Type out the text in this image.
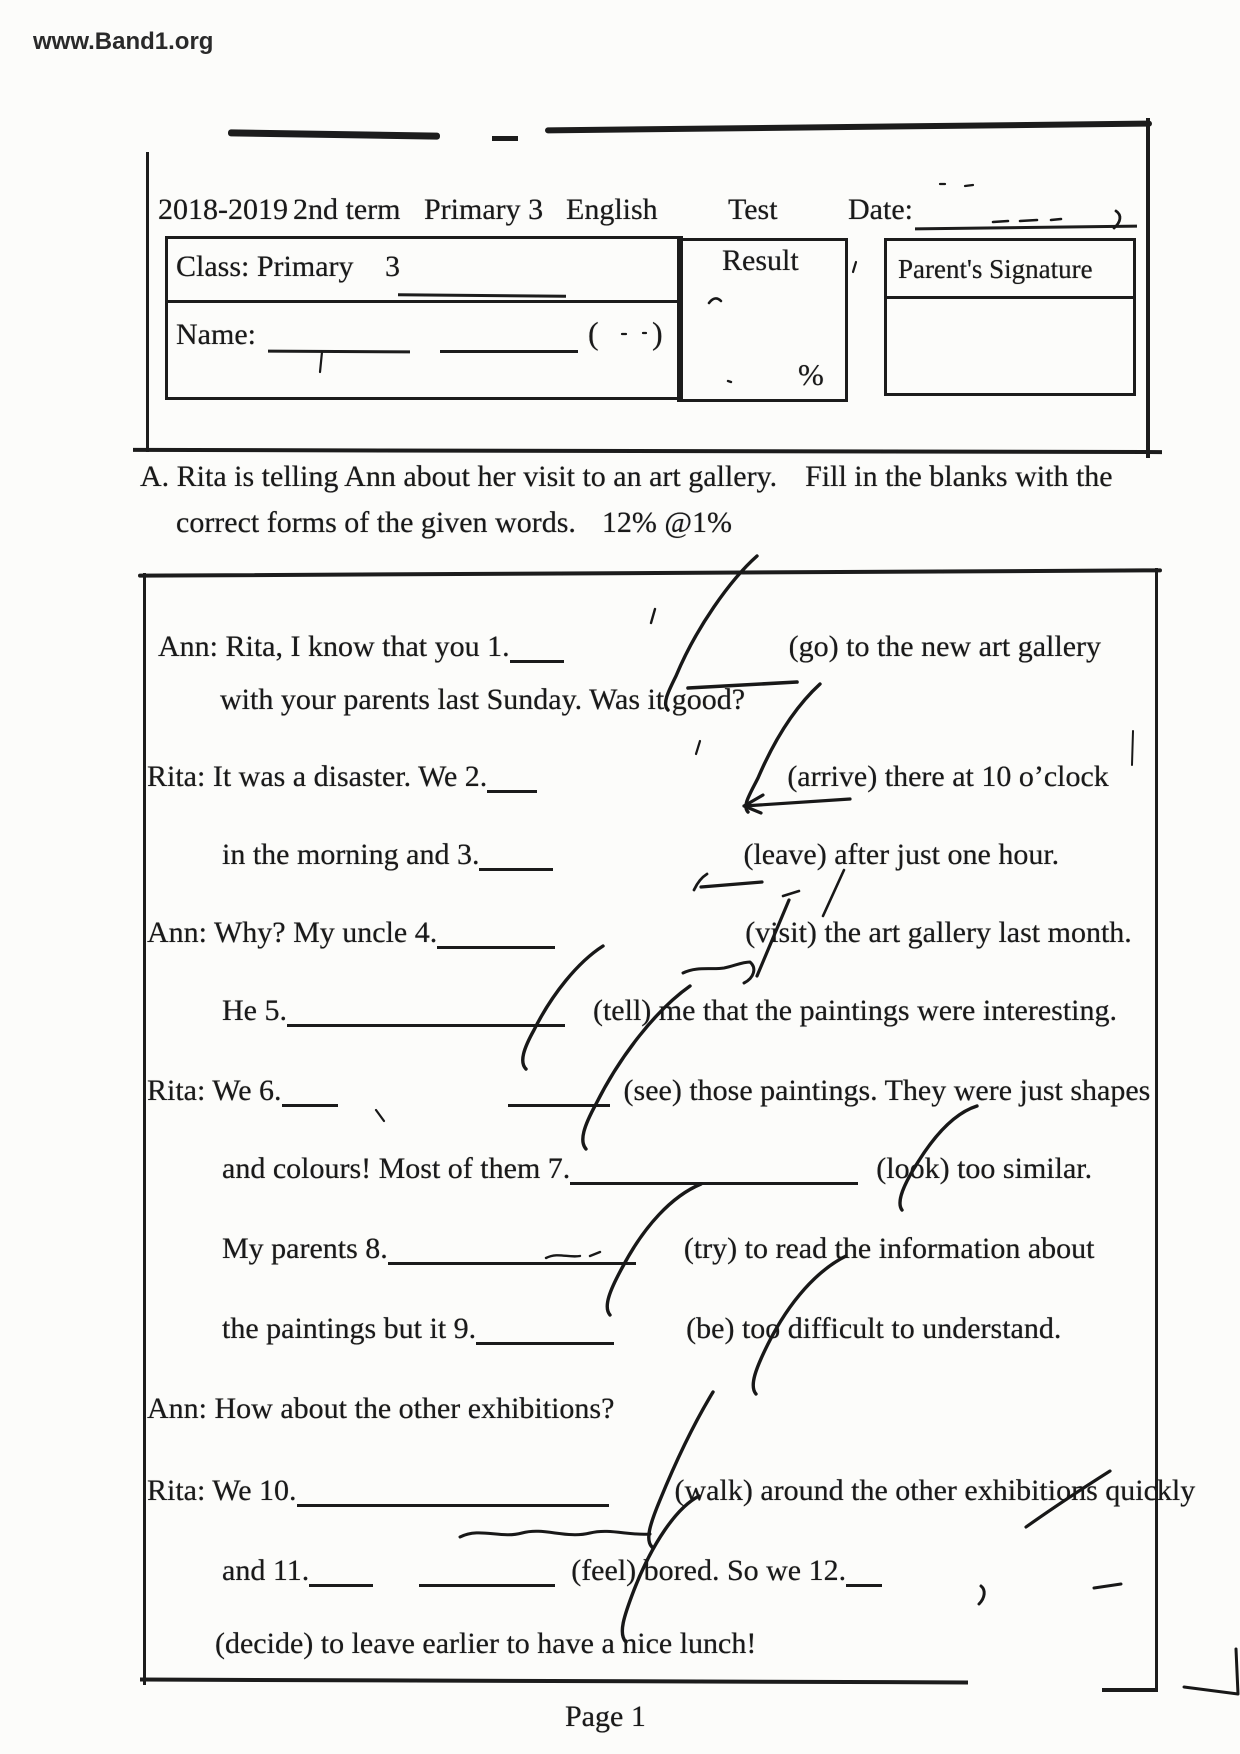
www.Band1.org
2018-2019 2nd term Primary 3 English Test Date:
Class: Primary 3
Name:	( )
Result
%
Parent's Signature
A. Rita is telling Ann about her visit to an art gallery. Fill in the blanks with the
correct forms of the given words. 12% @1%
Ann: Rita, I know that you 1.	(go) to the new art gallery
with your parents last Sunday. Was it good?
Rita: It was a disaster. We 2.	(arrive) there at 10 o’clock
in the morning and 3.	(leave) after just one hour.
Ann: Why? My uncle 4.	(visit) the art gallery last month.
He 5.	(tell) me that the paintings were interesting.
Rita: We 6.	(see) those paintings. They were just shapes
and colours! Most of them 7.	(look) too similar.
My parents 8.	(try) to read the information about
the paintings but it 9.	(be) too difficult to understand.
Ann: How about the other exhibitions?
Rita: We 10.	(walk) around the other exhibitions quickly
and 11.	(feel) bored. So we 12.
(decide) to leave earlier to have a nice lunch!
Page 1
